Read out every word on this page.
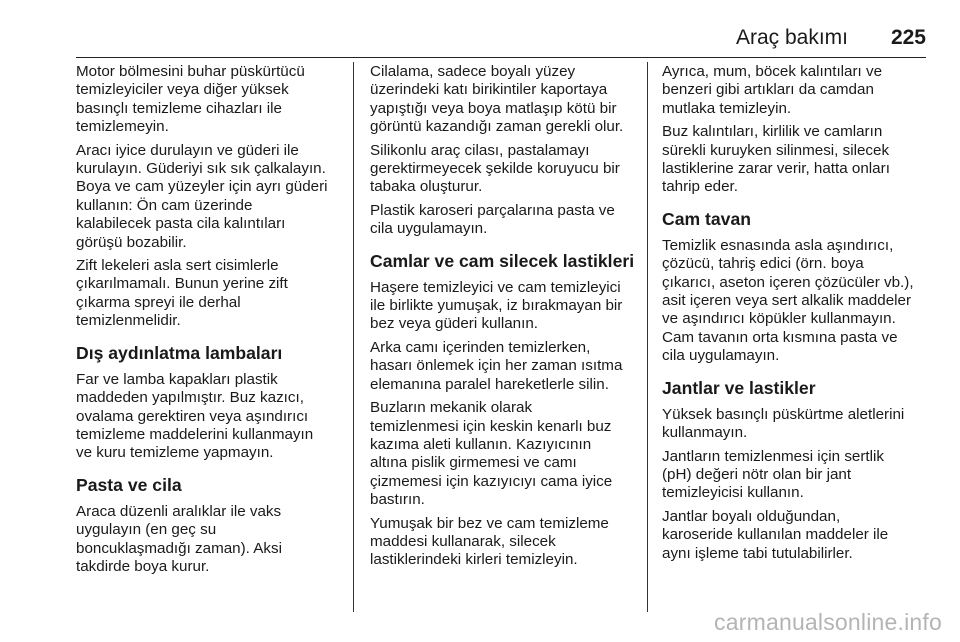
Araç bakımı 225

Motor bölmesini buhar püskürtücü
temizleyiciler veya diğer yüksek
basınçlı temizleme cihazları ile
temizlemeyin.

Aracı iyice durulayın ve güderi ile
kurulayın. Güderiyi sık sık çalkalayın.
Boya ve cam yüzeyler için ayrı güderi
kullanın: Ön cam üzerinde
kalabilecek pasta cila kalıntıları
görüşü bozabilir.

Zift lekeleri asla sert cisimlerle
çıkarılmamalı. Bunun yerine zift
çıkarma spreyi ile derhal
temizlenmelidir.

Dış aydınlatma lambaları

Far ve lamba kapakları plastik
maddeden yapılmıştır. Buz kazıcı,
ovalama gerektiren veya aşındırıcı
temizleme maddelerini kullanmayın
ve kuru temizleme yapmayın.

Pasta ve cila

Araca düzenli aralıklar ile vaks
uygulayın (en geç su
boncuklaşmadığı zaman). Aksi
takdirde boya kurur.

Cilalama, sadece boyalı yüzey
üzerindeki katı birikintiler kaportaya
yapıştığı veya boya matlaşıp kötü bir
görüntü kazandığı zaman gerekli olur.

Silikonlu araç cilası, pastalamayı
gerektirmeyecek şekilde koruyucu bir
tabaka oluşturur.

Plastik karoseri parçalarına pasta ve
cila uygulamayın.

Camlar ve cam silecek lastikleri

Haşere temizleyici ve cam temizleyici
ile birlikte yumuşak, iz bırakmayan bir
bez veya güderi kullanın.

Arka camı içerinden temizlerken,
hasarı önlemek için her zaman ısıtma
elemanına paralel hareketlerle silin.

Buzların mekanik olarak
temizlenmesi için keskin kenarlı buz
kazıma aleti kullanın. Kazıyıcının
altına pislik girmemesi ve camı
çizmemesi için kazıyıcıyı cama iyice
bastırın.

Yumuşak bir bez ve cam temizleme
maddesi kullanarak, silecek
lastiklerindeki kirleri temizleyin.

Ayrıca, mum, böcek kalıntıları ve
benzeri gibi artıkları da camdan
mutlaka temizleyin.

Buz kalıntıları, kirlilik ve camların
sürekli kuruyken silinmesi, silecek
lastiklerine zarar verir, hatta onları
tahrip eder.

Cam tavan

Temizlik esnasında asla aşındırıcı,
çözücü, tahriş edici (örn. boya
çıkarıcı, aseton içeren çözücüler vb.),
asit içeren veya sert alkalik maddeler
ve aşındırıcı köpükler kullanmayın.
Cam tavanın orta kısmına pasta ve
cila uygulamayın.

Jantlar ve lastikler

Yüksek basınçlı püskürtme aletlerini
kullanmayın.

Jantların temizlenmesi için sertlik
(pH) değeri nötr olan bir jant
temizleyicisi kullanın.

Jantlar boyalı olduğundan,
karoseride kullanılan maddeler ile
aynı işleme tabi tutulabilirler.

carmanualsonline.info
